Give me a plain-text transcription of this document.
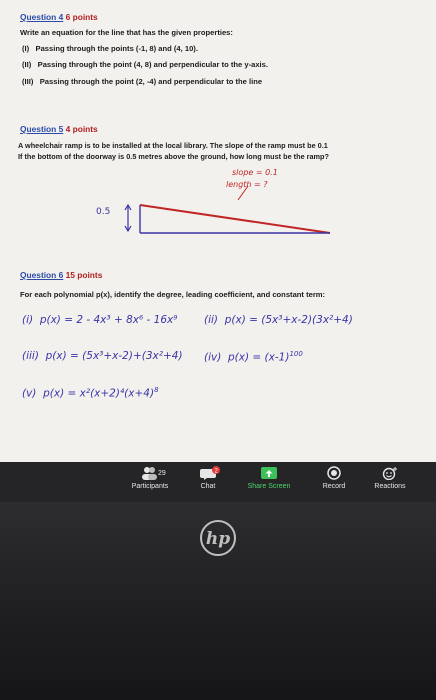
Question 4 6 points
Write an equation for the line that has the given properties:
(I) Passing through the points (-1, 8) and (4, 10).
(II) Passing through the point (4, 8) and perpendicular to the y-axis.
(III) Passing through the point (2, -4) and perpendicular to the line
Question 5 4 points
A wheelchair ramp is to be installed at the local library. The slope of the ramp must be 0.1
If the bottom of the doorway is 0.5 metres above the ground, how long must be the ramp?
slope = 0.1
length = ?
0.5
Question 6 15 points
For each polynomial p(x), identify the degree, leading coefficient, and constant term:
(i) p(x) = 2 - 4x³ + 8x⁶ - 16x⁹	(ii) p(x) = (5x³+x-2)(3x²+4)
(iii) p(x) = (5x³+x-2)+(3x²+4) (iv) $p(x) = (x-1)^{100}$
(v) $p(x) = x^2(x+2)^4(x+4)^8$
29
Participants
2
Chat	Share Screen	Record	Reactions
hp
